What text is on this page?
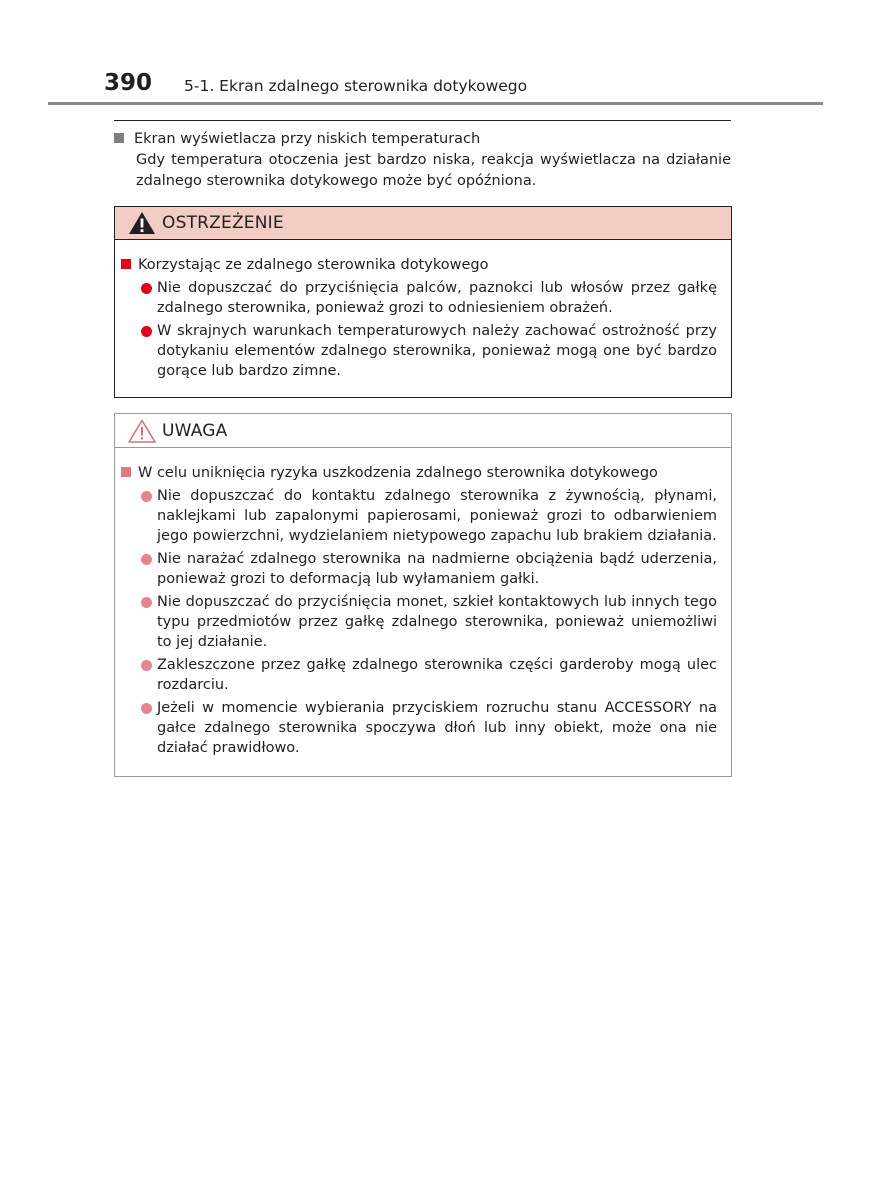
390 5-1. Ekran zdalnego sterownika dotykowego
Ekran wyświetlacza przy niskich temperaturach
Gdy temperatura otoczenia jest bardzo niska, reakcja wyświetlacza na działanie zdalnego sterownika dotykowego może być opóźniona.
OSTRZEŻENIE
Korzystając ze zdalnego sterownika dotykowego
Nie dopuszczać do przyciśnięcia palców, paznokci lub włosów przez gałkę zdalnego sterownika, ponieważ grozi to odniesieniem obrażeń.
W skrajnych warunkach temperaturowych należy zachować ostrożność przy dotykaniu elementów zdalnego sterownika, ponieważ mogą one być bardzo gorące lub bardzo zimne.
UWAGA
W celu uniknięcia ryzyka uszkodzenia zdalnego sterownika dotykowego
Nie dopuszczać do kontaktu zdalnego sterownika z żywnością, płynami, naklejkami lub zapalonymi papierosami, ponieważ grozi to odbarwieniem jego powierzchni, wydzielaniem nietypowego zapachu lub brakiem działania.
Nie narażać zdalnego sterownika na nadmierne obciążenia bądź uderzenia, ponieważ grozi to deformacją lub wyłamaniem gałki.
Nie dopuszczać do przyciśnięcia monet, szkieł kontaktowych lub innych tego typu przedmiotów przez gałkę zdalnego sterownika, ponieważ uniemożliwi to jej działanie.
Zakleszczone przez gałkę zdalnego sterownika części garderoby mogą ulec rozdarciu.
Jeżeli w momencie wybierania przyciskiem rozruchu stanu ACCESSORY na gałce zdalnego sterownika spoczywa dłoń lub inny obiekt, może ona nie działać prawidłowo.
